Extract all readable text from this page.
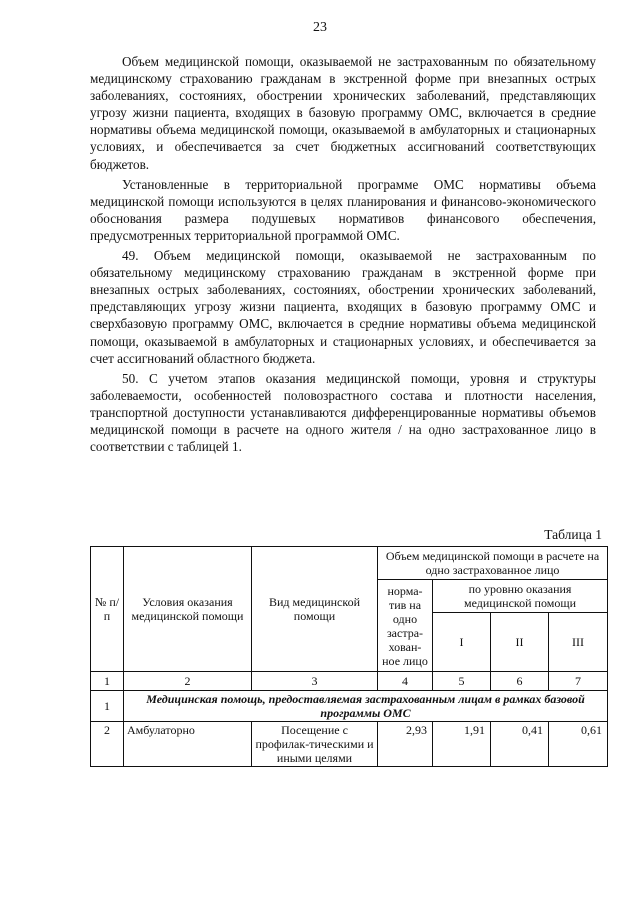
23

Объем медицинской помощи, оказываемой не застрахованным по обязательному медицинскому страхованию гражданам в экстренной форме при внезапных острых заболеваниях, состояниях, обострении хронических заболеваний, представляющих угрозу жизни пациента, входящих в базовую программу ОМС, включается в средние нормативы объема медицинской помощи, оказываемой в амбулаторных и стационарных условиях, и обеспечивается за счет бюджетных ассигнований соответствующих бюджетов.

Установленные в территориальной программе ОМС нормативы объема медицинской помощи используются в целях планирования и финансово-экономического обоснования размера подушевых нормативов финансового обеспечения, предусмотренных территориальной программой ОМС.

49. Объем медицинской помощи, оказываемой не застрахованным по обязательному медицинскому страхованию гражданам в экстренной форме при внезапных острых заболеваниях, состояниях, обострении хронических заболеваний, представляющих угрозу жизни пациента, входящих в базовую программу ОМС и сверхбазовую программу ОМС, включается в средние нормативы объема медицинской помощи, оказываемой в амбулаторных и стационарных условиях, и обеспечивается за счет ассигнований областного бюджета.

50. С учетом этапов оказания медицинской помощи, уровня и структуры заболеваемости, особенностей половозрастного состава и плотности населения, транспортной доступности устанавливаются дифференцированные нормативы объемов медицинской помощи в расчете на одного жителя / на одно застрахованное лицо в соответствии с таблицей 1.

Таблица 1
№ п/п	Условия оказания медицинской помощи	Вид медицинской помощи	Объем медицинской помощи в расчете на одно застрахованное лицо			
			норма-тив на одно застра-хован-ное лицо	по уровню оказания медицинской помощи		
				I	II	III
1	2	3	4	5	6	7
1	Медицинская помощь, предоставляемая застрахованным лицам в рамках базовой программы ОМС					
2	Амбулаторно	Посещение с профилак-тическими и иными целями	2,93	1,91	0,41	0,61
